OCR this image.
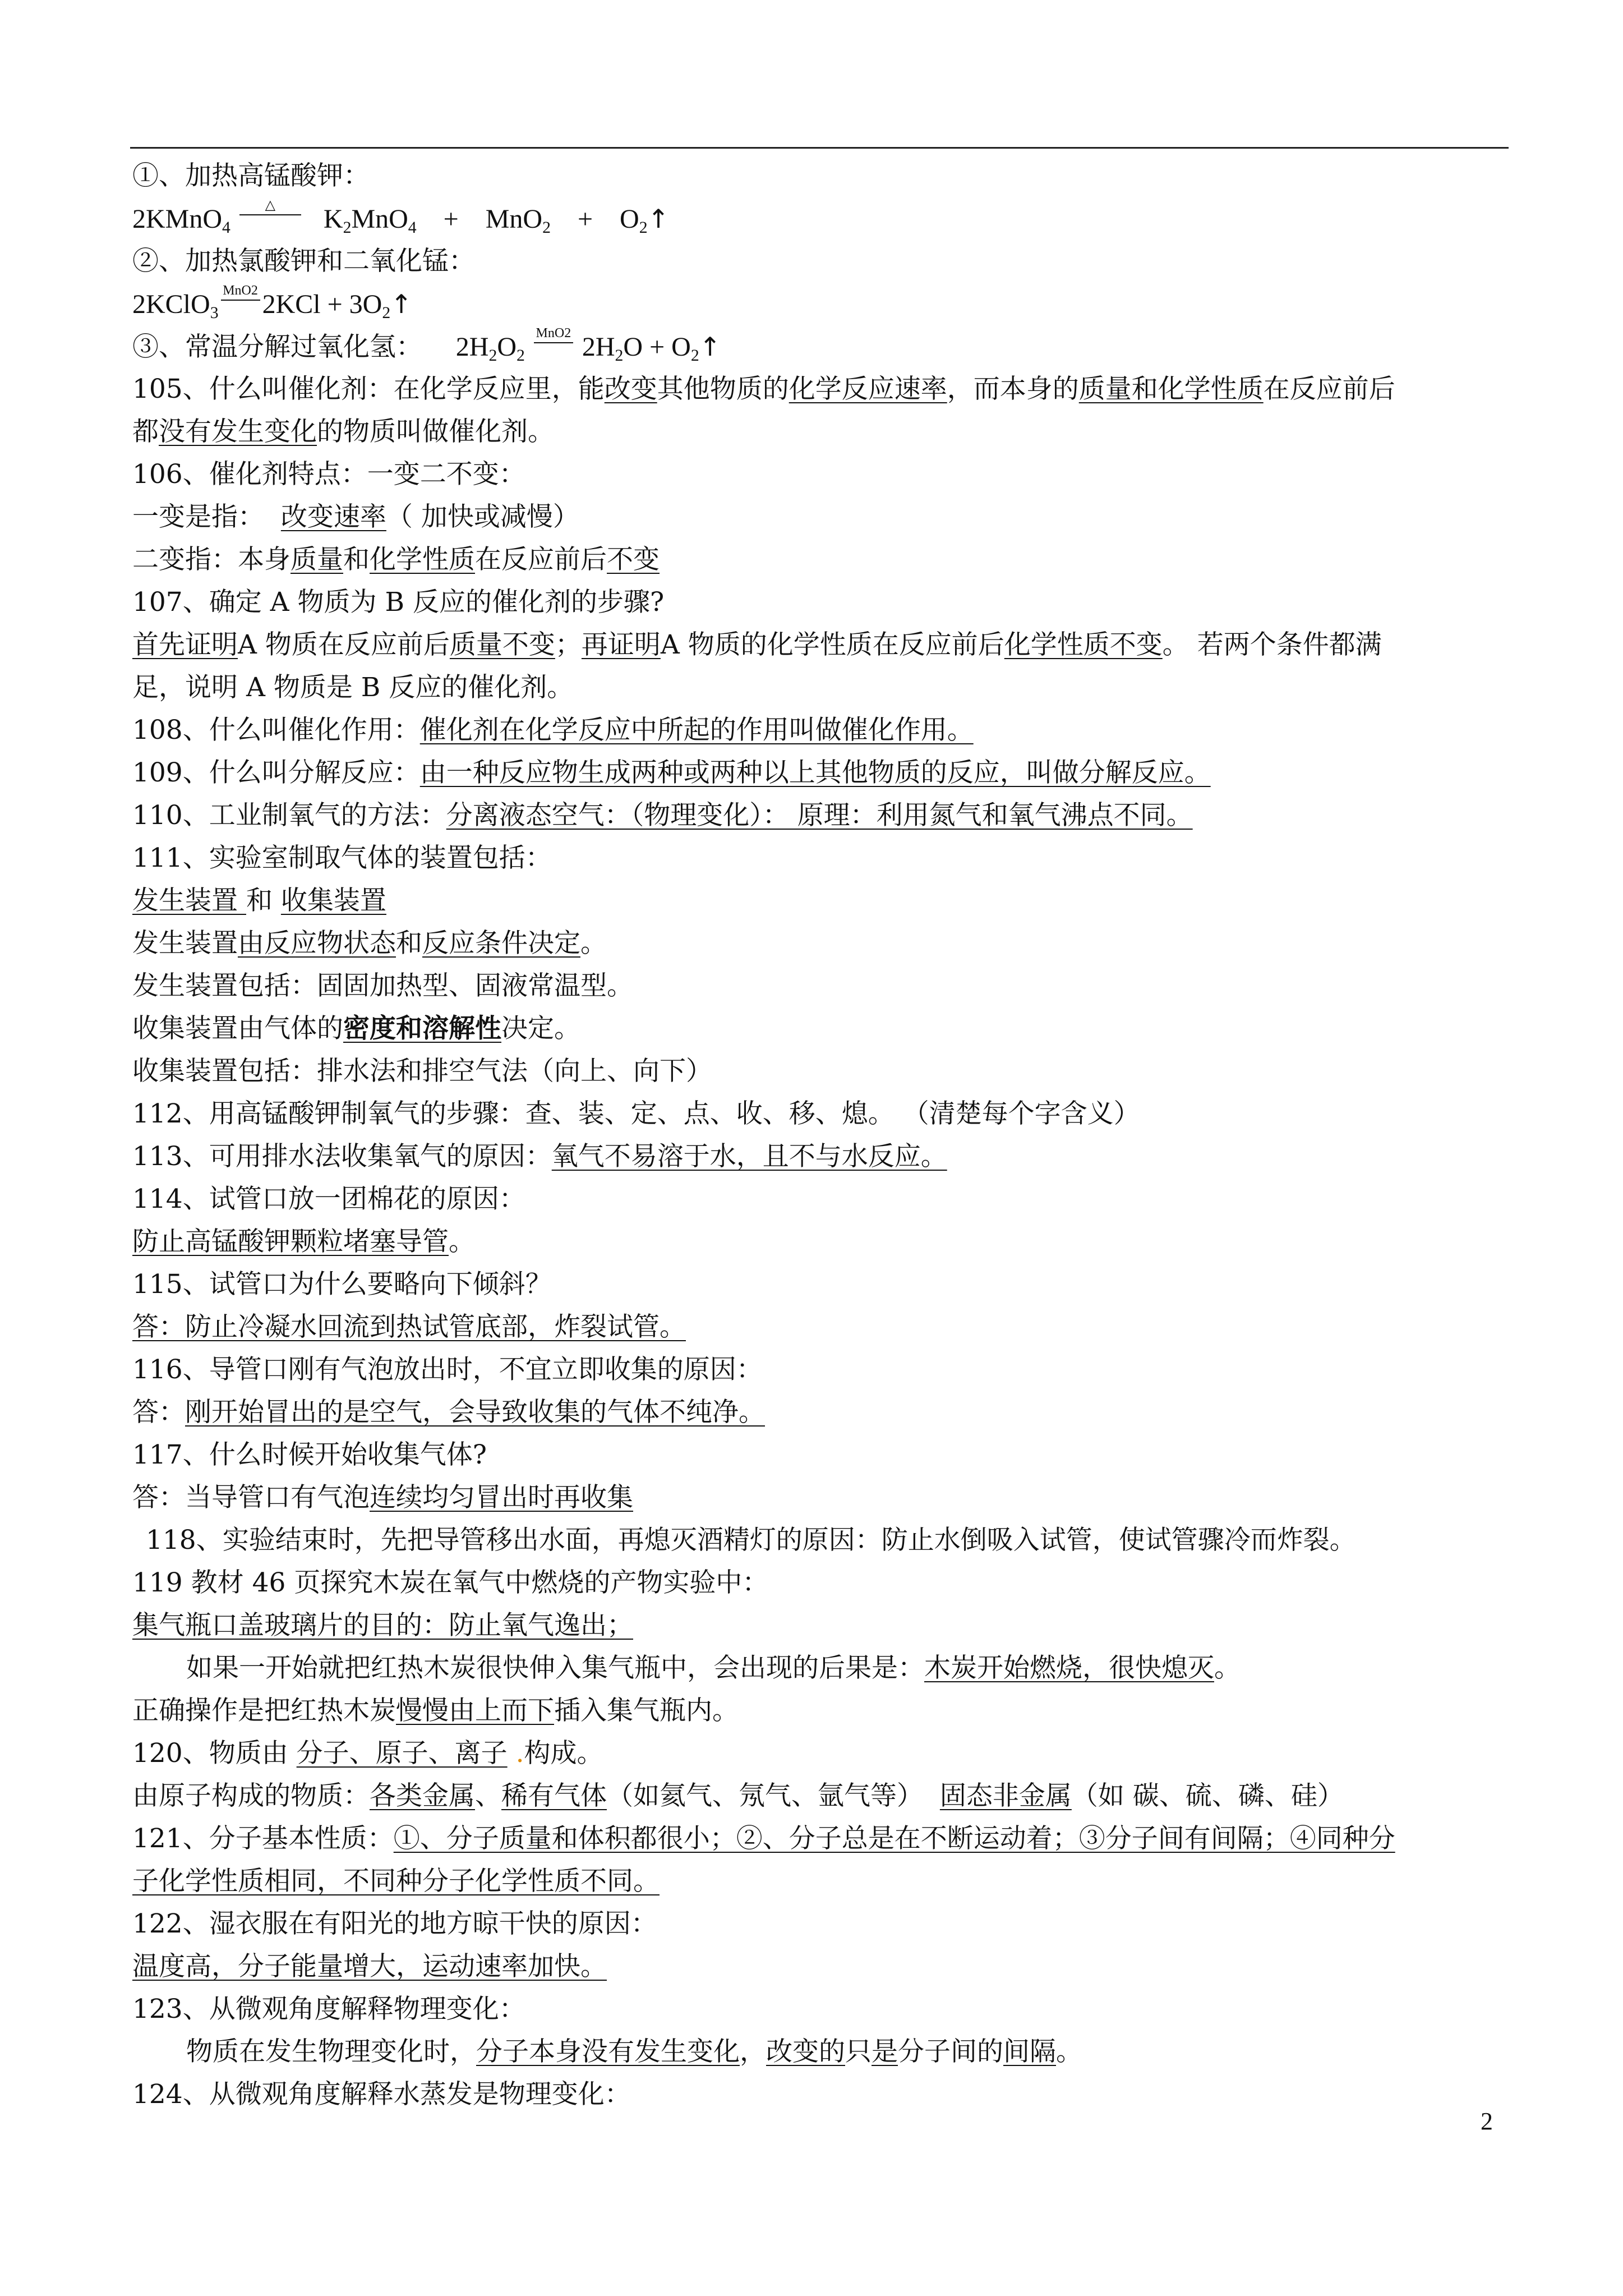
①、加热高锰酸钾：
2KMnO$_4$
△	$K_2MnO_4 + MnO_2$ + $O_2↑$
②、加热氯酸钾和二氧化锰：
2KClO$_3$
MnO2 $2KCl + 3O_2↑$
③、常温分解过氧化氢： $2H_2O_2$
MnO2 $2H_2O$ + $O_2↑$
105、什么叫催化剂：在化学反应里，能改变其他物质的化学反应速率，而本身的质量和化学性质在反应前后
都没有发生变化的物质叫做催化剂。
106、催化剂特点：一变二不变：
一变是指： 改变速率（ 加快或减慢）
二变指：本身质量和化学性质在反应前后不变
107、确定 A 物质为 B 反应的催化剂的步骤?
首先证明A 物质在反应前后质量不变；再证明A 物质的化学性质在反应前后化学性质不变。 若两个条件都满
足，说明 A 物质是 B 反应的催化剂。
108、什么叫催化作用：催化剂在化学反应中所起的作用叫做催化作用。
109、什么叫分解反应：由一种反应物生成两种或两种以上其他物质的反应，叫做分解反应。
110、工业制氧气的方法：分离液态空气：（物理变化）： 原理：利用氮气和氧气沸点不同。
111、实验室制取气体的装置包括：
发生装置 和 收集装置
发生装置由反应物状态和反应条件决定。
发生装置包括：固固加热型、固液常温型。
收集装置由气体的密度和溶解性决定。
收集装置包括：排水法和排空气法（向上、向下）
112、用高锰酸钾制氧气的步骤：查、装、定、点、收、移、熄。 （清楚每个字含义）
113、可用排水法收集氧气的原因：氧气不易溶于水，且不与水反应。
114、试管口放一团棉花的原因：
防止高锰酸钾颗粒堵塞导管。
115、试管口为什么要略向下倾斜？
答：防止冷凝水回流到热试管底部，炸裂试管。
116、导管口刚有气泡放出时，不宜立即收集的原因：
答：刚开始冒出的是空气，会导致收集的气体不纯净。
117、什么时候开始收集气体?
答：当导管口有气泡连续均匀冒出时再收集
118、实验结束时，先把导管移出水面，再熄灭酒精灯的原因：防止水倒吸入试管，使试管骤冷而炸裂。
119 教材 46 页探究木炭在氧气中燃烧的产物实验中：
集气瓶口盖玻璃片的目的：防止氧气逸出；
如果一开始就把红热木炭很快伸入集气瓶中，会出现的后果是：木炭开始燃烧，很快熄灭。
正确操作是把红热木炭慢慢由上而下插入集气瓶内。
120、物质由 分子、原子、离子 .构成。
由原子构成的物质：各类金属、稀有气体（如氦气、氖气、氩气等） 固态非金属（如 碳、硫、磷、硅）
121、分子基本性质：①、分子质量和体积都很小；②、分子总是在不断运动着；③分子间有间隔；④同种分
子化学性质相同，不同种分子化学性质不同。
122、湿衣服在有阳光的地方晾干快的原因：
温度高，分子能量增大，运动速率加快。
123、从微观角度解释物理变化：
物质在发生物理变化时，分子本身没有发生变化，改变的只是分子间的间隔。
124、从微观角度解释水蒸发是物理变化：
2
